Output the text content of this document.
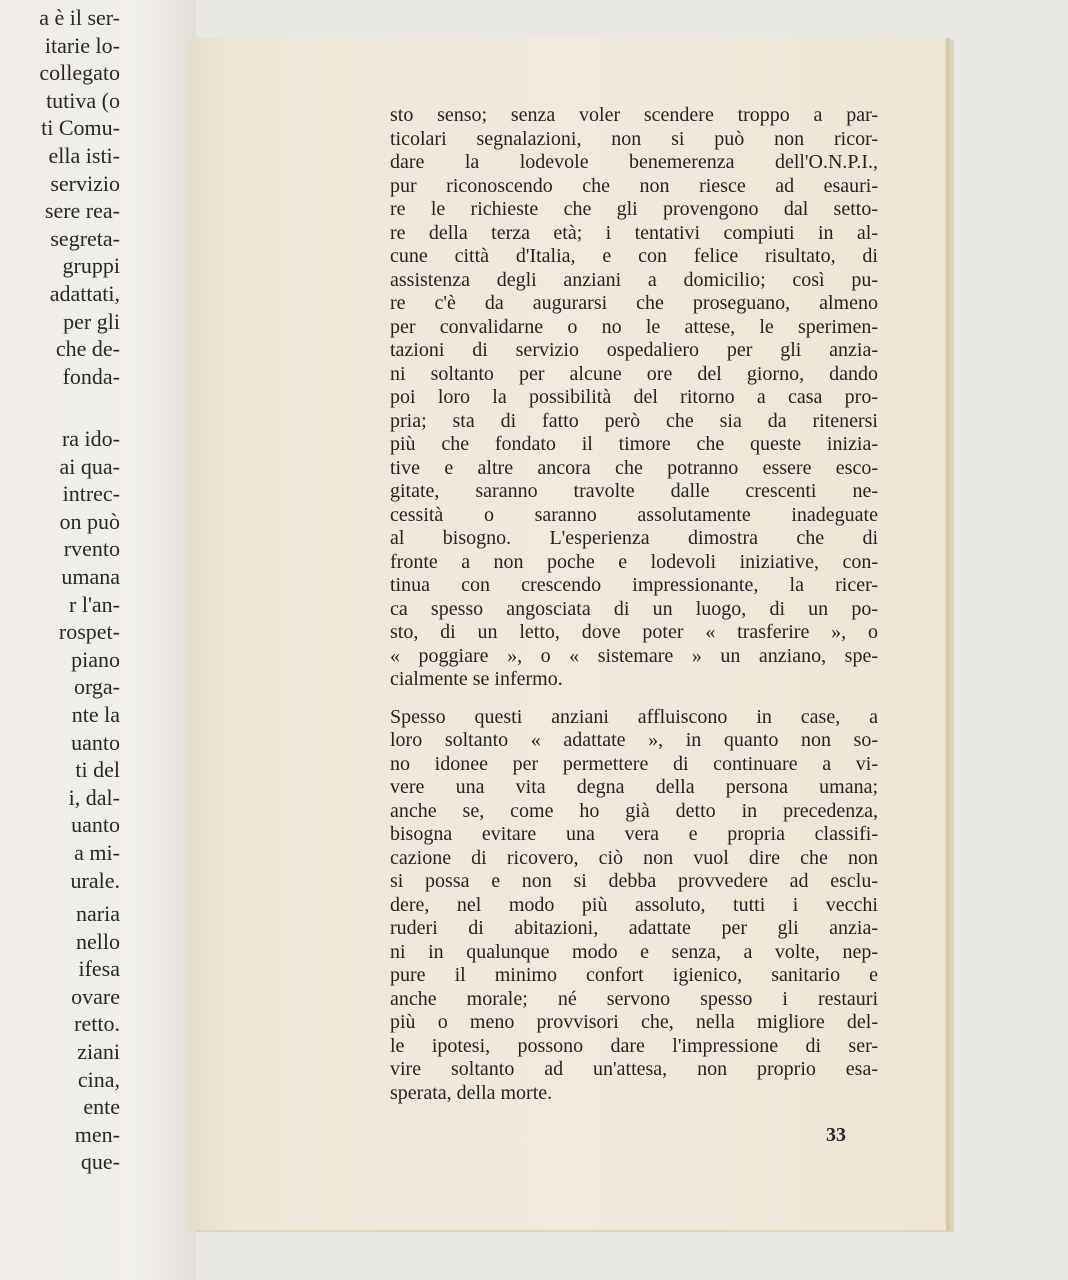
a è il ser-
itarie lo-
collegato
tutiva (o
ti Comu-
ella isti-
servizio
sere rea-
segreta-
gruppi
adattati,
per gli
che de-
fonda-
ra ido-
ai qua-
intrec-
on può
rvento
umana
r l'an-
rospet-
piano
orga-
nte la
uanto
ti del
i, dal-
uanto
a mi-
urale.
naria
nello
ifesa
ovare
retto.
ziani
cina,
ente
men-
que-
sto senso; senza voler scendere troppo a par-
ticolari segnalazioni, non si può non ricor-
dare la lodevole benemerenza dell'O.N.P.I.,
pur riconoscendo che non riesce ad esauri-
re le richieste che gli provengono dal setto-
re della terza età; i tentativi compiuti in al-
cune città d'Italia, e con felice risultato, di
assistenza degli anziani a domicilio; così pu-
re c'è da augurarsi che proseguano, almeno
per convalidarne o no le attese, le sperimen-
tazioni di servizio ospedaliero per gli anzia-
ni soltanto per alcune ore del giorno, dando
poi loro la possibilità del ritorno a casa pro-
pria; sta di fatto però che sia da ritenersi
più che fondato il timore che queste inizia-
tive e altre ancora che potranno essere esco-
gitate, saranno travolte dalle crescenti ne-
cessità o saranno assolutamente inadeguate
al bisogno. L'esperienza dimostra che di
fronte a non poche e lodevoli iniziative, con-
tinua con crescendo impressionante, la ricer-
ca spesso angosciata di un luogo, di un po-
sto, di un letto, dove poter « trasferire », o
« poggiare », o « sistemare » un anziano, spe-
cialmente se infermo.
Spesso questi anziani affluiscono in case, a
loro soltanto « adattate », in quanto non so-
no idonee per permettere di continuare a vi-
vere una vita degna della persona umana;
anche se, come ho già detto in precedenza,
bisogna evitare una vera e propria classifi-
cazione di ricovero, ciò non vuol dire che non
si possa e non si debba provvedere ad esclu-
dere, nel modo più assoluto, tutti i vecchi
ruderi di abitazioni, adattate per gli anzia-
ni in qualunque modo e senza, a volte, nep-
pure il minimo confort igienico, sanitario e
anche morale; né servono spesso i restauri
più o meno provvisori che, nella migliore del-
le ipotesi, possono dare l'impressione di ser-
vire soltanto ad un'attesa, non proprio esa-
sperata, della morte.
33
